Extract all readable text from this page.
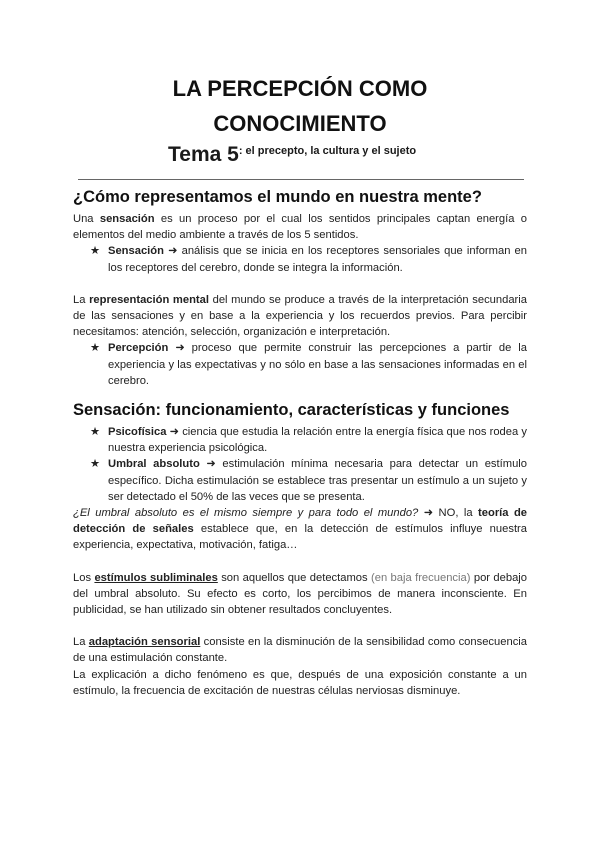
LA PERCEPCIÓN COMO
CONOCIMIENTO
Tema $5^{: el precepto, la cultura y el sujeto}$
¿Cómo representamos el mundo en nuestra mente?

Una sensación es un proceso por el cual los sentidos principales captan energía o elementos del medio ambiente a través de los 5 sentidos.

★ Sensación ➜ análisis que se inicia en los receptores sensoriales que informan en los receptores del cerebro, donde se integra la información.

La representación mental del mundo se produce a través de la interpretación secundaria de las sensaciones y en base a la experiencia y los recuerdos previos. Para percibir necesitamos: atención, selección, organización e interpretación.

★ Percepción ➜ proceso que permite construir las percepciones a partir de la experiencia y las expectativas y no sólo en base a las sensaciones informadas en el cerebro.
Sensación: funcionamiento, características y funciones
★ Psicofísica ➜ ciencia que estudia la relación entre la energía física que nos rodea y nuestra experiencia psicológica.
★ Umbral absoluto ➜ estimulación mínima necesaria para detectar un estímulo específico. Dicha estimulación se establece tras presentar un estímulo a un sujeto y ser detectado el 50% de las veces que se presenta.

¿El umbral absoluto es el mismo siempre y para todo el mundo? ➜ NO, la teoría de detección de señales establece que, en la detección de estímulos influye nuestra experiencia, expectativa, motivación, fatiga…

Los estímulos subliminales son aquellos que detectamos (en baja frecuencia) por debajo del umbral absoluto. Su efecto es corto, los percibimos de manera inconsciente. En publicidad, se han utilizado sin obtener resultados concluyentes.

La adaptación sensorial consiste en la disminución de la sensibilidad como consecuencia de una estimulación constante.

La explicación a dicho fenómeno es que, después de una exposición constante a un estímulo, la frecuencia de excitación de nuestras células nerviosas disminuye.
